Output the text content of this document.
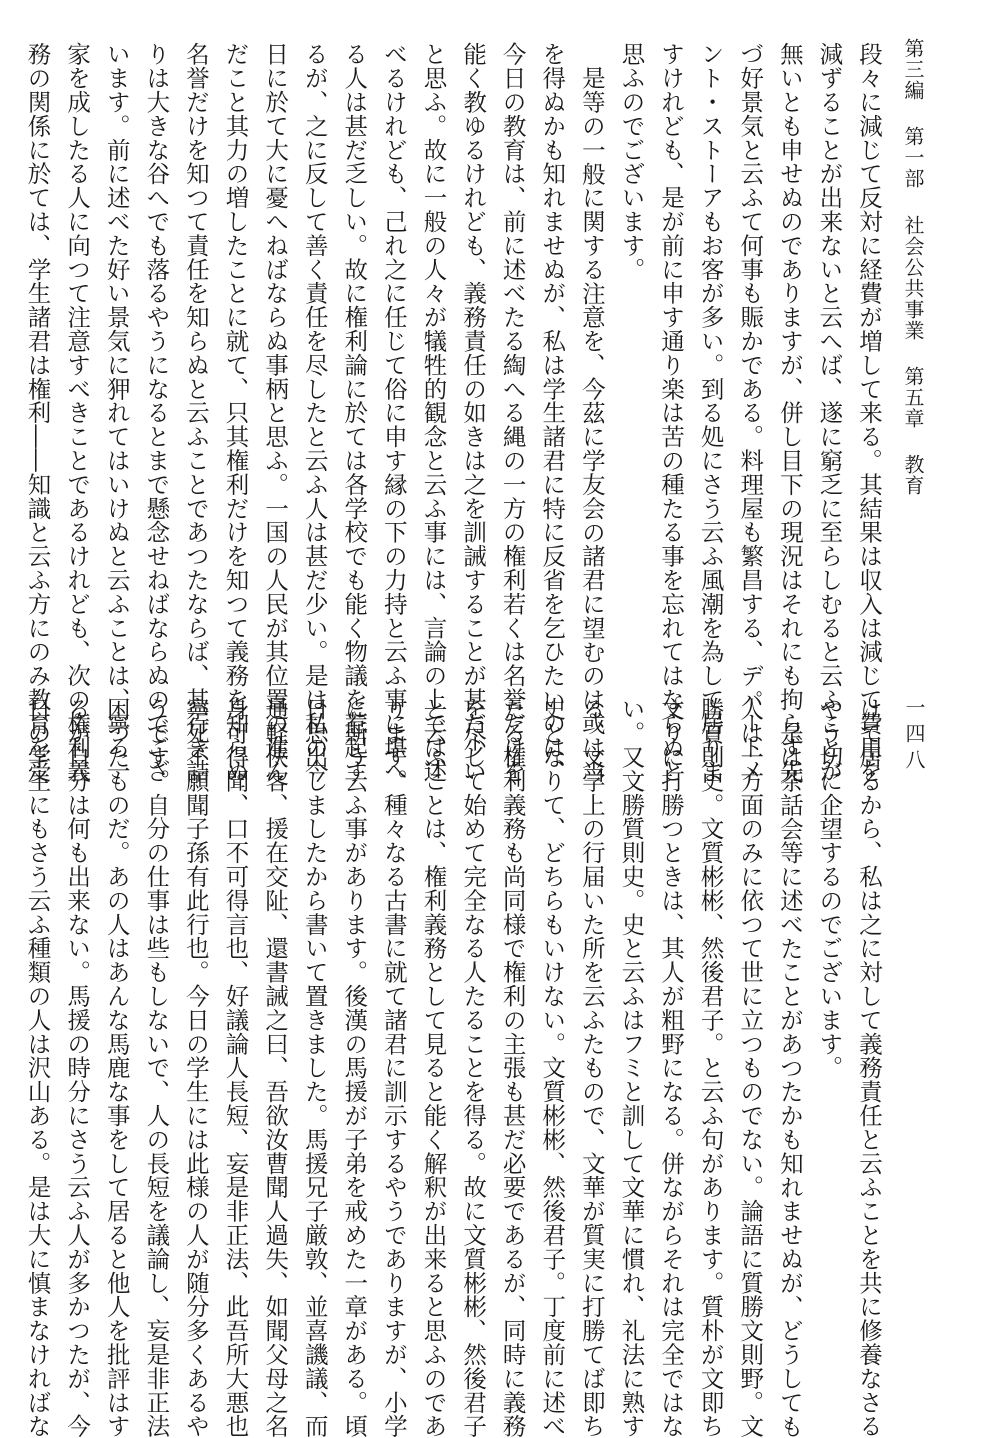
第三編 第一部 社会公共事業 第五章 教育
一四八
段々に減じて反対に経費が増して来る。其結果は収入は減じて費用を
減ずることが出来ないと云へば、遂に窮乏に至らしむると云ふことが
無いとも申せぬのでありますが、併し目下の現況はそれにも拘らず先
づ好景気と云ふて何事も賑かである。料理屋も繁昌する、デパートメ
ント・ストーアもお客が多い。到る処にさう云ふ風潮を為して居りま
すけれども、是が前に申す通り楽は苦の種たる事を忘れてはならぬと
思ふのでございます。
是等の一般に関する注意を、今茲に学友会の諸君に望むのは或は当
を得ぬかも知れませぬが、私は学生諸君に特に反省を乞ひたいのは、
今日の教育は、前に述べたる綯へる縄の一方の権利若くは名誉だけを
能く教ゆるけれども、義務責任の如きは之を訓誡することが甚だ少い
と思ふ。故に一般の人々が犠牲的観念と云ふ事には、言論の上では述
べるけれども、己れ之に任じて俗に申す縁の下の力持と云ふ事に堪へ
る人は甚だ乏しい。故に権利論に於ては各学校でも能く物議を惹起す
るが、之に反して善く責任を尽したと云ふ人は甚だ少い。是は私の今
日に於て大に憂へねばならぬ事柄と思ふ。一国の人民が其位置の進ん
だこと其力の増したことに就て、只其権利だけを知つて義務を知らぬ
名誉だけを知つて責任を知らぬと云ふことであつたならば、其行き詰
りは大きな谷へでも落るやうになるとまで懸念せねばならぬのでござ
います。前に述べた好い景気に狎れてはいけぬと云ふことは、寧ろ一
家を成したる人に向つて注意すべきことであるけれども、次の権利義
務の関係に於ては、学生諸君は権利――知識と云ふ方にのみ教育を受
けて居るから、私は之に対して義務責任と云ふことを共に修養なさる
やう切に企望するのでございます。
是は茶話会等に述べたことがあつたかも知れませぬが、どうしても
人は一方面のみに依つて世に立つものでない。論語に質勝文則野。文
勝質則史。文質彬彬、然後君子。と云ふ句があります。質朴が文即ち
文りに打勝つときは、其人が粗野になる。併ながらそれは完全ではな
い。又文勝質則史。史と云ふはフミと訓して文華に慣れ、礼法に熟す
る、文学上の行届いた所を云ふたもので、文華が質実に打勝てば即ち
史となりて、どちらもいけない。文質彬彬、然後君子。丁度前に述べ
たる権利義務も尚同様で権利の主張も甚だ必要であるが、同時に義務
を尽して始めて完全なる人たることを得る。故に文質彬彬、然後君子
と云ふことは、権利義務として見ると能く解釈が出来ると思ふのであ
ります。種々なる古書に就て諸君に訓示するやうでありますが、小学
に斯う云ふ事があります。後漢の馬援が子弟を戒めた一章がある。頃
日思出しましたから書いて置きました。馬援兄子厳敦、並喜譏議、而
通軽俠客、援在交阯、還書誡之曰、吾欲汝曹聞人過失、如聞父母之名
身可得聞、口不可得言也、好議論人長短、妄是非正法、此吾所大悪也
寧死不願聞子孫有此行也。今日の学生には此様の人が随分多くあるや
うです。自分の仕事は些もしないで、人の長短を議論し、妄是非正法
困つたものだ。あの人はあんな馬鹿な事をして居ると他人を批評はす
るが自分は何も出来ない。馬援の時分にさう云ふ人が多かつたが、今
日の学生にもさう云ふ種類の人は沢山ある。是は大に慎まなければな
